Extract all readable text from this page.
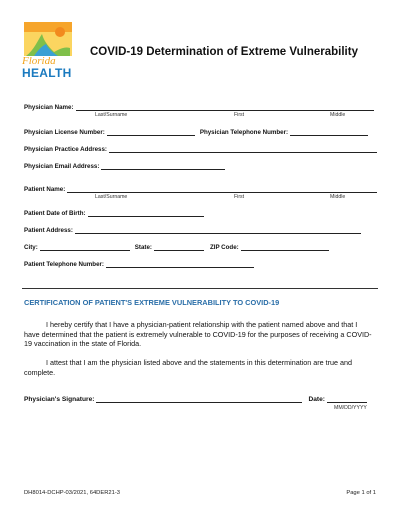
Florida
HEALTH
COVID-19 Determination of Extreme Vulnerability
Physician Name:
Last/Surname	First	Middle
Physician License Number:	Physician Telephone Number:
Physician Practice Address:
Physician Email Address:
Patient Name:
Last/Surname	First	Middle
Patient Date of Birth:
Patient Address:
City:	State:	ZIP Code:
Patient Telephone Number:
CERTIFICATION OF PATIENT'S EXTREME VULNERABILITY TO COVID-19
I hereby certify that I have a physician-patient relationship with the patient named above and that I have determined that the patient is extremely vulnerable to COVID-19 for the purposes of receiving a COVID-19 vaccination in the state of Florida.
I attest that I am the physician listed above and the statements in this determination are true and complete.
Physician's Signature:	Date:
MM/DD/YYYY
DH8014-DCHP-03/2021, 64DER21-3	Page 1 of 1
